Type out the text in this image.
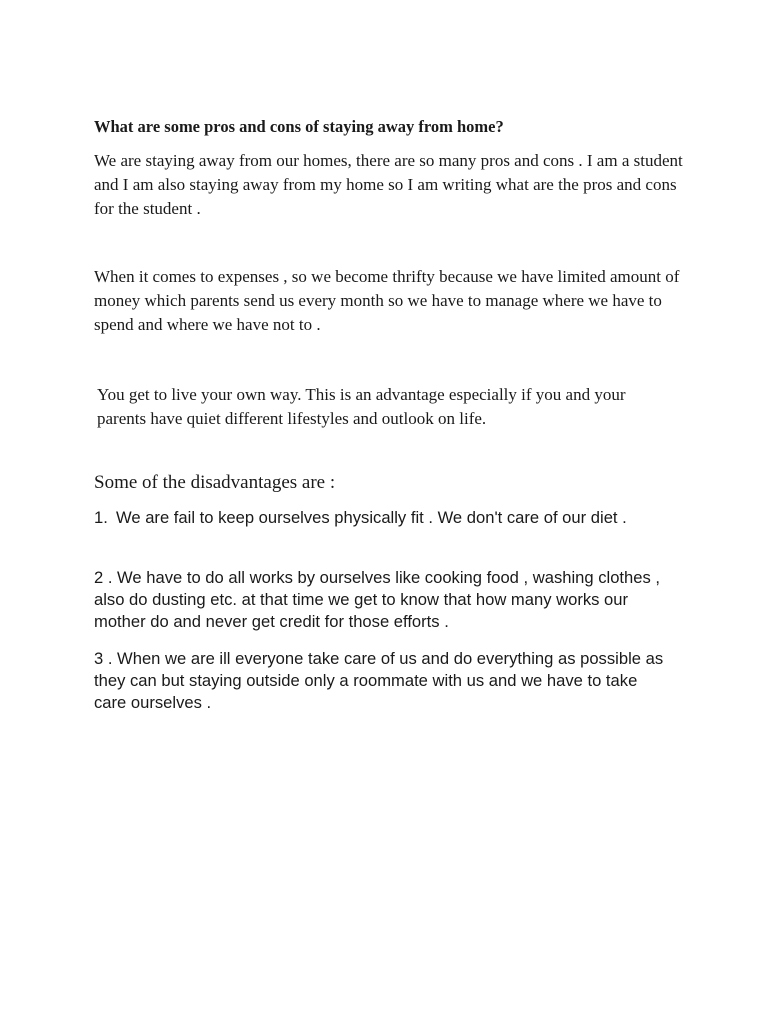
What are some pros and cons of staying away from home?

We are staying away from our homes, there are so many pros and cons . I am a student and I am also staying away from my home so I am writing what are the pros and cons for the student .

When it comes to expenses , so we become thrifty because we have limited amount of money which parents send us every month so we have to manage where we have to spend and where we have not to .

You get to live your own way. This is an advantage especially if you and your parents have quiet different lifestyles and outlook on life.

Some of the disadvantages are :

1. We are fail to keep ourselves physically fit . We don't care of our diet .

2 . We have to do all works by ourselves like cooking food , washing clothes , also do dusting etc. at that time we get to know that how many works our mother do and never get credit for those efforts .

3 . When we are ill everyone take care of us and do everything as possible as they can but staying outside only a roommate with us and we have to take care ourselves .
